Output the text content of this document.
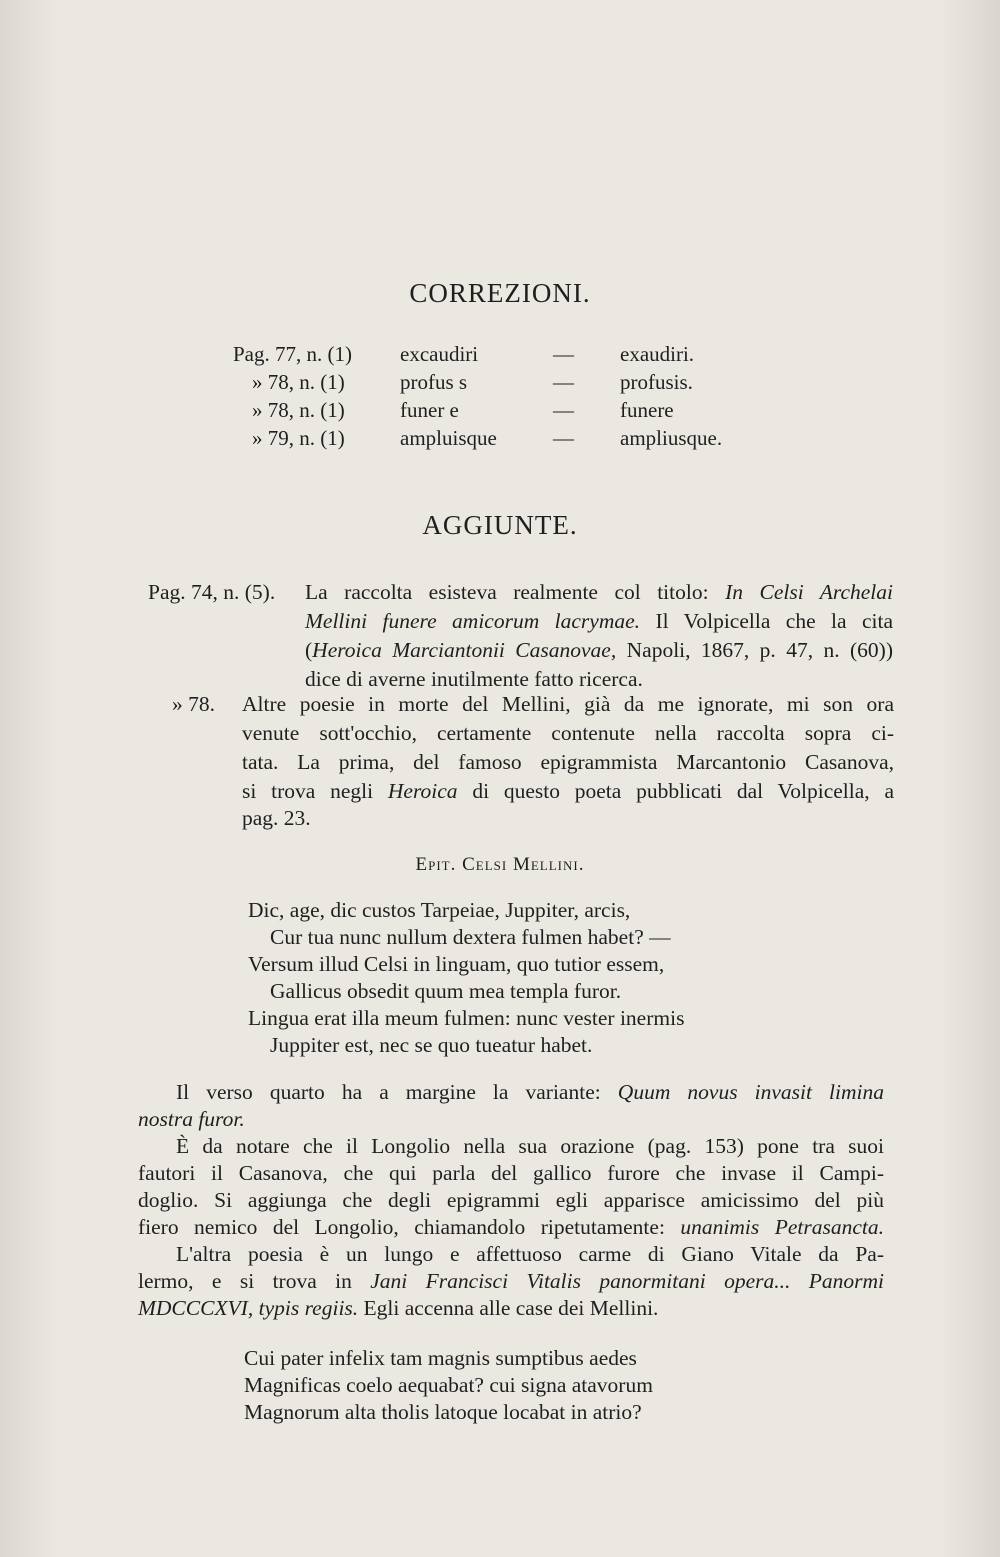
CORREZIONI.
Pag. 77, n. (1) excaudiri	— exaudiri.
» 78, n. (1)	profus s	— profusis.
» 78, n. (1)	funer e	— funere
» 79, n. (1)	ampluisque	— ampliusque.
AGGIUNTE.
Pag. 74, n. (5). La raccolta esisteva realmente col titolo: In Celsi Archelai
Mellini funere amicorum lacrymae. Il Volpicella che la cita
(Heroica Marciantonii Casanovae, Napoli, 1867, p. 47, n. (60))
dice di averne inutilmente fatto ricerca.
» 78. Altre poesie in morte del Mellini, già da me ignorate, mi son ora
venute sott'occhio, certamente contenute nella raccolta sopra ci-
tata. La prima, del famoso epigrammista Marcantonio Casanova,
si trova negli Heroica di questo poeta pubblicati dal Volpicella, a
pag. 23.
Epit. Celsi Mellini.
Dic, age, dic custos Tarpeiae, Juppiter, arcis,
Cur tua nunc nullum dextera fulmen habet? —
Versum illud Celsi in linguam, quo tutior essem,
Gallicus obsedit quum mea templa furor.
Lingua erat illa meum fulmen: nunc vester inermis
Juppiter est, nec se quo tueatur habet.
Il verso quarto ha a margine la variante: Quum novus invasit limina
nostra furor.
È da notare che il Longolio nella sua orazione (pag. 153) pone tra suoi
fautori il Casanova, che qui parla del gallico furore che invase il Campi-
doglio. Si aggiunga che degli epigrammi egli apparisce amicissimo del più
fiero nemico del Longolio, chiamandolo ripetutamente: unanimis Petrasancta.
L'altra poesia è un lungo e affettuoso carme di Giano Vitale da Pa-
lermo, e si trova in Jani Francisci Vitalis panormitani opera... Panormi
MDCCCXVI, typis regiis. Egli accenna alle case dei Mellini.
Cui pater infelix tam magnis sumptibus aedes
Magnificas coelo aequabat? cui signa atavorum
Magnorum alta tholis latoque locabat in atrio?
